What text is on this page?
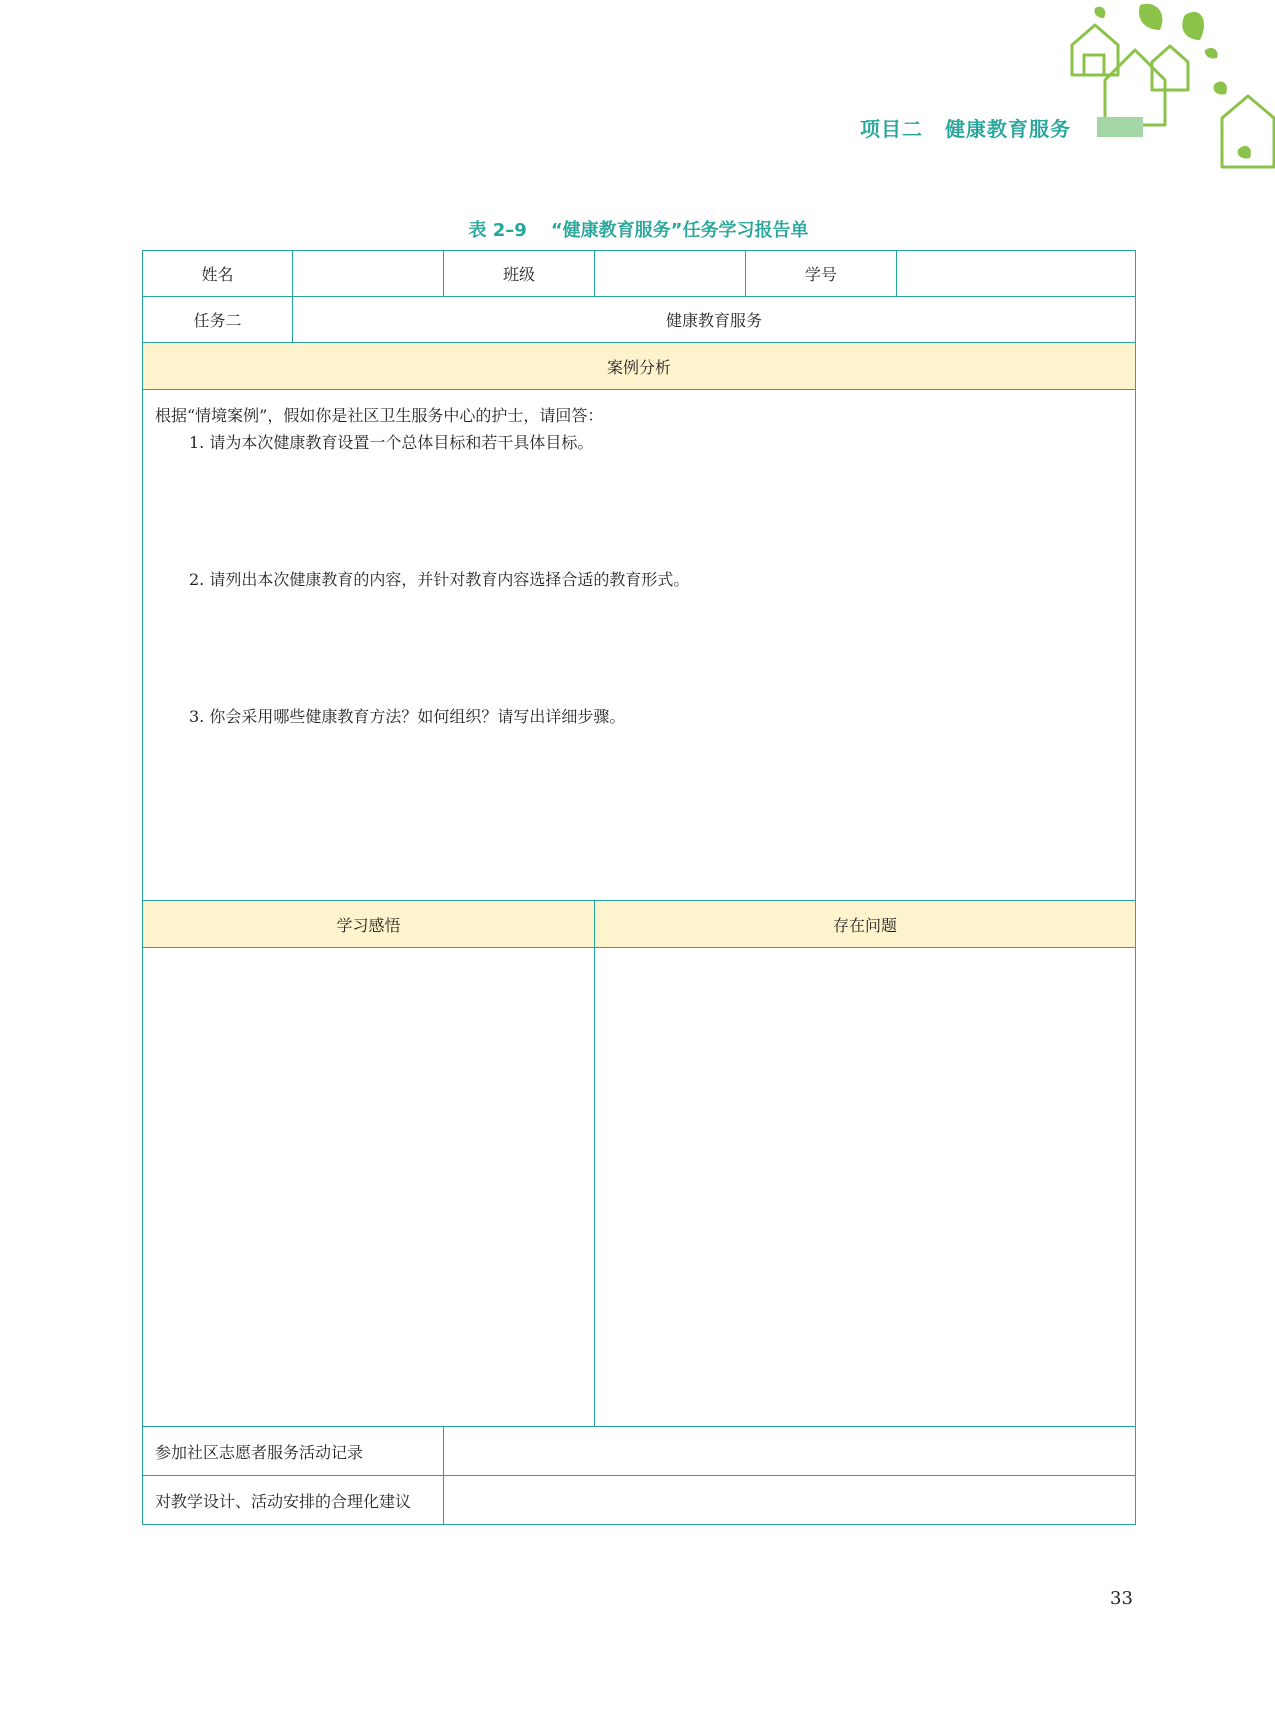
项目二 健康教育服务
表 2–9 “健康教育服务”任务学习报告单
姓名		班级		学号	
任务二	健康教育服务				
案例分析					

根据“情境案例”，假如你是社区卫生服务中心的护士，请回答：

1. 请为本次健康教育设置一个总体目标和若干具体目标。

2. 请列出本次健康教育的内容，并针对教育内容选择合适的教育形式。

3. 你会采用哪些健康教育方法？如何组织？请写出详细步骤。					

学习感悟			存在问题		

参加社区志愿者服务活动记录					
对教学设计、活动安排的合理化建议					
33
